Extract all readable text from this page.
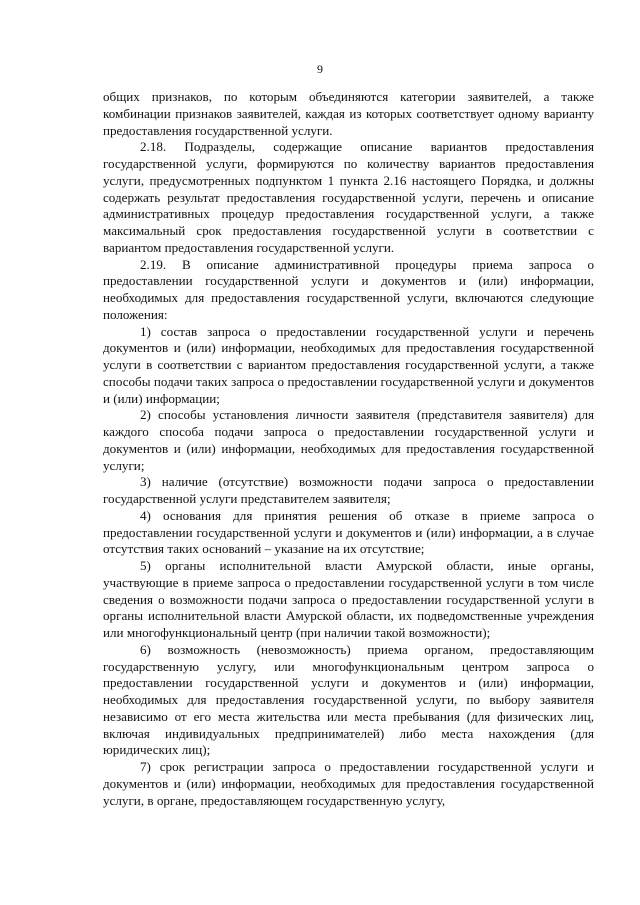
9

общих признаков, по которым объединяются категории заявителей, а также комбинации признаков заявителей, каждая из которых соответствует одному варианту предоставления государственной услуги.

2.18. Подразделы, содержащие описание вариантов предоставления государственной услуги, формируются по количеству вариантов предоставления услуги, предусмотренных подпунктом 1 пункта 2.16 настоящего Порядка, и должны содержать результат предоставления государственной услуги, перечень и описание административных процедур предоставления государственной услуги, а также максимальный срок предоставления государственной услуги в соответствии с вариантом предоставления государственной услуги.

2.19. В описание административной процедуры приема запроса о предоставлении государственной услуги и документов и (или) информации, необходимых для предоставления государственной услуги, включаются следующие положения:

1) состав запроса о предоставлении государственной услуги и перечень документов и (или) информации, необходимых для предоставления государственной услуги в соответствии с вариантом предоставления государственной услуги, а также способы подачи таких запроса о предоставлении государственной услуги и документов и (или) информации;

2) способы установления личности заявителя (представителя заявителя) для каждого способа подачи запроса о предоставлении государственной услуги и документов и (или) информации, необходимых для предоставления государственной услуги;

3) наличие (отсутствие) возможности подачи запроса о предоставлении государственной услуги представителем заявителя;

4) основания для принятия решения об отказе в приеме запроса о предоставлении государственной услуги и документов и (или) информации, а в случае отсутствия таких оснований – указание на их отсутствие;

5) органы исполнительной власти Амурской области, иные органы, участвующие в приеме запроса о предоставлении государственной услуги в том числе сведения о возможности подачи запроса о предоставлении государственной услуги в органы исполнительной власти Амурской области, их подведомственные учреждения или многофункциональный центр (при наличии такой возможности);

6) возможность (невозможность) приема органом, предоставляющим государственную услугу, или многофункциональным центром запроса о предоставлении государственной услуги и документов и (или) информации, необходимых для предоставления государственной услуги, по выбору заявителя независимо от его места жительства или места пребывания (для физических лиц, включая индивидуальных предпринимателей) либо места нахождения (для юридических лиц);

7) срок регистрации запроса о предоставлении государственной услуги и документов и (или) информации, необходимых для предоставления государственной услуги, в органе, предоставляющем государственную услугу,
